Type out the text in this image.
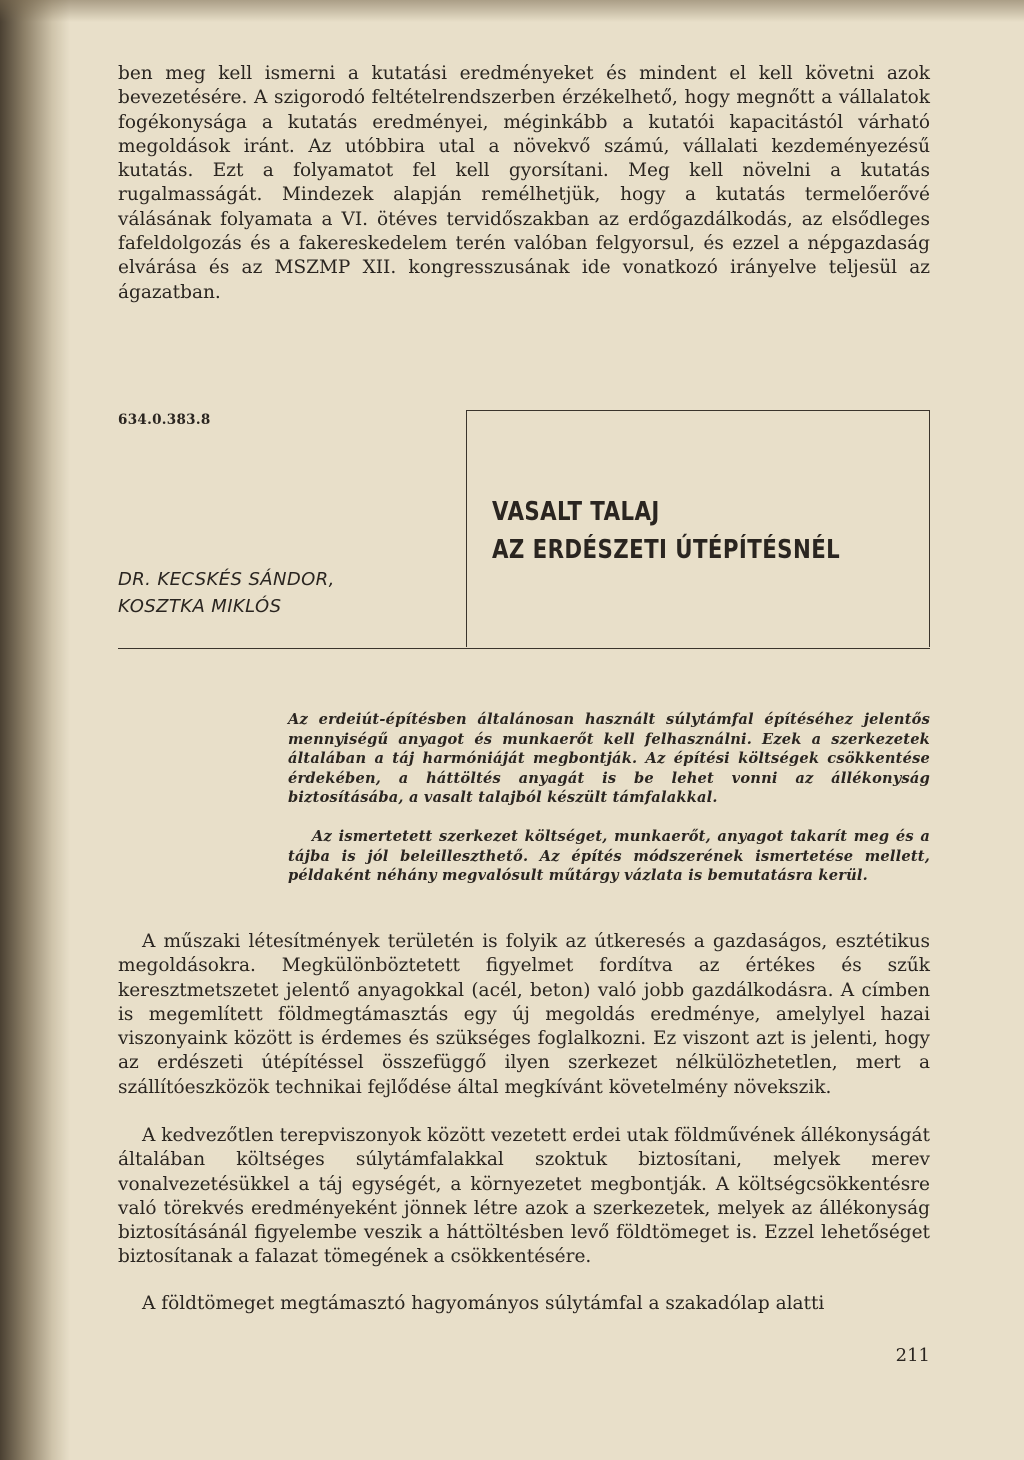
ben meg kell ismerni a kutatási eredményeket és mindent el kell követni azok bevezetésére. A szigorodó feltételrendszerben érzékelhető, hogy megnőtt a vállalatok fogékonysága a kutatás eredményei, méginkább a kutatói kapacitástól várható megoldások iránt. Az utóbbira utal a növekvő számú, vállalati kezdeményezésű kutatás. Ezt a folyamatot fel kell gyorsítani. Meg kell növelni a kutatás rugalmasságát. Mindezek alapján remélhetjük, hogy a kutatás termelőerővé válásának folyamata a VI. ötéves tervidőszakban az erdőgazdálkodás, az elsődleges fafeldolgozás és a fakereskedelem terén valóban felgyorsul, és ezzel a népgazdaság elvárása és az MSZMP XII. kongresszusának ide vonatkozó irányelve teljesül az ágazatban.

634.0.383.8
VASALT TALAJ
AZ ERDÉSZETI ÚTÉPÍTÉSNÉL
DR. KECSKÉS SÁNDOR,
KOSZTKA MIKLÓS

Az erdeiút-építésben általánosan használt súlytámfal építéséhez jelentős mennyiségű anyagot és munkaerőt kell felhasználni. Ezek a szerkezetek általában a táj harmóniáját megbontják. Az építési költségek csökkentése érdekében, a háttöltés anyagát is be lehet vonni az állékonyság biztosításába, a vasalt talajból készült támfalakkal.

Az ismertetett szerkezet költséget, munkaerőt, anyagot takarít meg és a tájba is jól beleilleszthető. Az építés módszerének ismertetése mellett, példaként néhány megvalósult műtárgy vázlata is bemutatásra kerül.

A műszaki létesítmények területén is folyik az útkeresés a gazdaságos, esztétikus megoldásokra. Megkülönböztetett figyelmet fordítva az értékes és szűk keresztmetszetet jelentő anyagokkal (acél, beton) való jobb gazdálkodásra. A címben is megemlített földmegtámasztás egy új megoldás eredménye, amelylyel hazai viszonyaink között is érdemes és szükséges foglalkozni. Ez viszont azt is jelenti, hogy az erdészeti útépítéssel összefüggő ilyen szerkezet nélkülözhetetlen, mert a szállítóeszközök technikai fejlődése által megkívánt követelmény növekszik.

A kedvezőtlen terepviszonyok között vezetett erdei utak földművének állékonyságát általában költséges súlytámfalakkal szoktuk biztosítani, melyek merev vonalvezetésükkel a táj egységét, a környezetet megbontják. A költségcsökkentésre való törekvés eredményeként jönnek létre azok a szerkezetek, melyek az állékonyság biztosításánál figyelembe veszik a háttöltésben levő földtömeget is. Ezzel lehetőséget biztosítanak a falazat tömegének a csökkentésére.

A földtömeget megtámasztó hagyományos súlytámfal a szakadólap alatti

211
